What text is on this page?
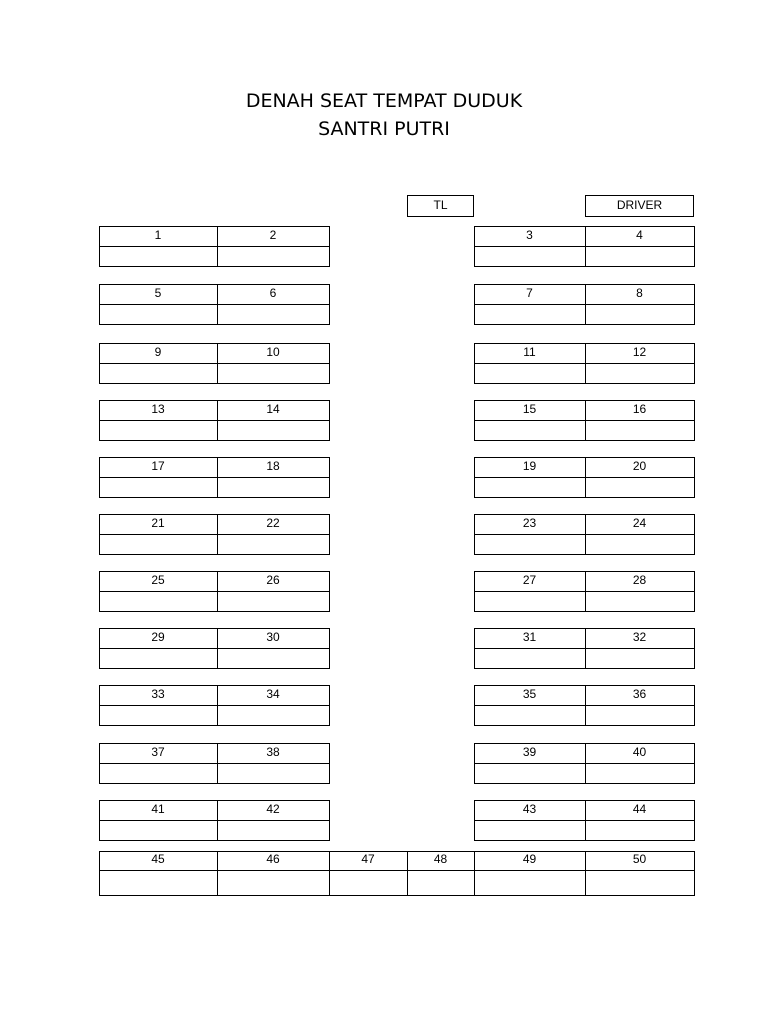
DENAH SEAT TEMPAT DUDUK
SANTRI PUTRI
TL	DRIVER
1	2	3	4
5	6	7	8
9	10	11	12
13	14	15	16
17	18	19	20
21	22	23	24
25	26	27	28
29	30	31	32
33	34	35	36
37	38	39	40
41	42	43	44
45	46	47	48	49	50
